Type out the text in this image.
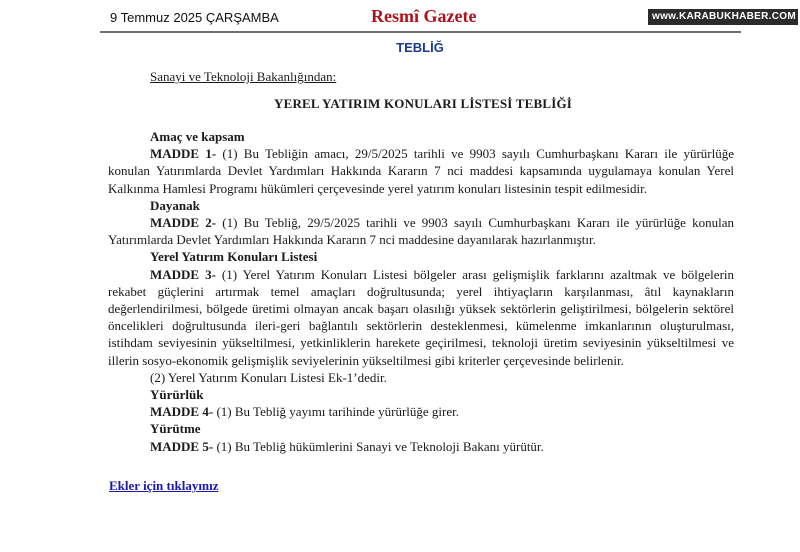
9 Temmuz 2025 ÇARŞAMBA	Resmî Gazete	www.KARABUKHABER.COM
TEBLİĞ
Sanayi ve Teknoloji Bakanlığından:
YEREL YATIRIM KONULARI LİSTESİ TEBLİĞİ

Amaç ve kapsam

MADDE 1- (1) Bu Tebliğin amacı, 29/5/2025 tarihli ve 9903 sayılı Cumhurbaşkanı Kararı ile yürürlüğe konulan Yatırımlarda Devlet Yardımları Hakkında Kararın 7 nci maddesi kapsamında uygulamaya konulan Yerel Kalkınma Hamlesi Programı hükümleri çerçevesinde yerel yatırım konuları listesinin tespit edilmesidir.

Dayanak

MADDE 2- (1) Bu Tebliğ, 29/5/2025 tarihli ve 9903 sayılı Cumhurbaşkanı Kararı ile yürürlüğe konulan Yatırımlarda Devlet Yardımları Hakkında Kararın 7 nci maddesine dayanılarak hazırlanmıştır.

Yerel Yatırım Konuları Listesi

MADDE 3- (1) Yerel Yatırım Konuları Listesi bölgeler arası gelişmişlik farklarını azaltmak ve bölgelerin rekabet güçlerini artırmak temel amaçları doğrultusunda; yerel ihtiyaçların karşılanması, âtıl kaynakların değerlendirilmesi, bölgede üretimi olmayan ancak başarı olasılığı yüksek sektörlerin geliştirilmesi, bölgelerin sektörel öncelikleri doğrultusunda ileri-geri bağlantılı sektörlerin desteklenmesi, kümelenme imkanlarının oluşturulması, istihdam seviyesinin yükseltilmesi, yetkinliklerin harekete geçirilmesi, teknoloji üretim seviyesinin yükseltilmesi ve illerin sosyo-ekonomik gelişmişlik seviyelerinin yükseltilmesi gibi kriterler çerçevesinde belirlenir.

(2) Yerel Yatırım Konuları Listesi Ek-1’dedir.

Yürürlük

MADDE 4- (1) Bu Tebliğ yayımı tarihinde yürürlüğe girer.

Yürütme

MADDE 5- (1) Bu Tebliğ hükümlerini Sanayi ve Teknoloji Bakanı yürütür.

Ekler için tıklayınız
